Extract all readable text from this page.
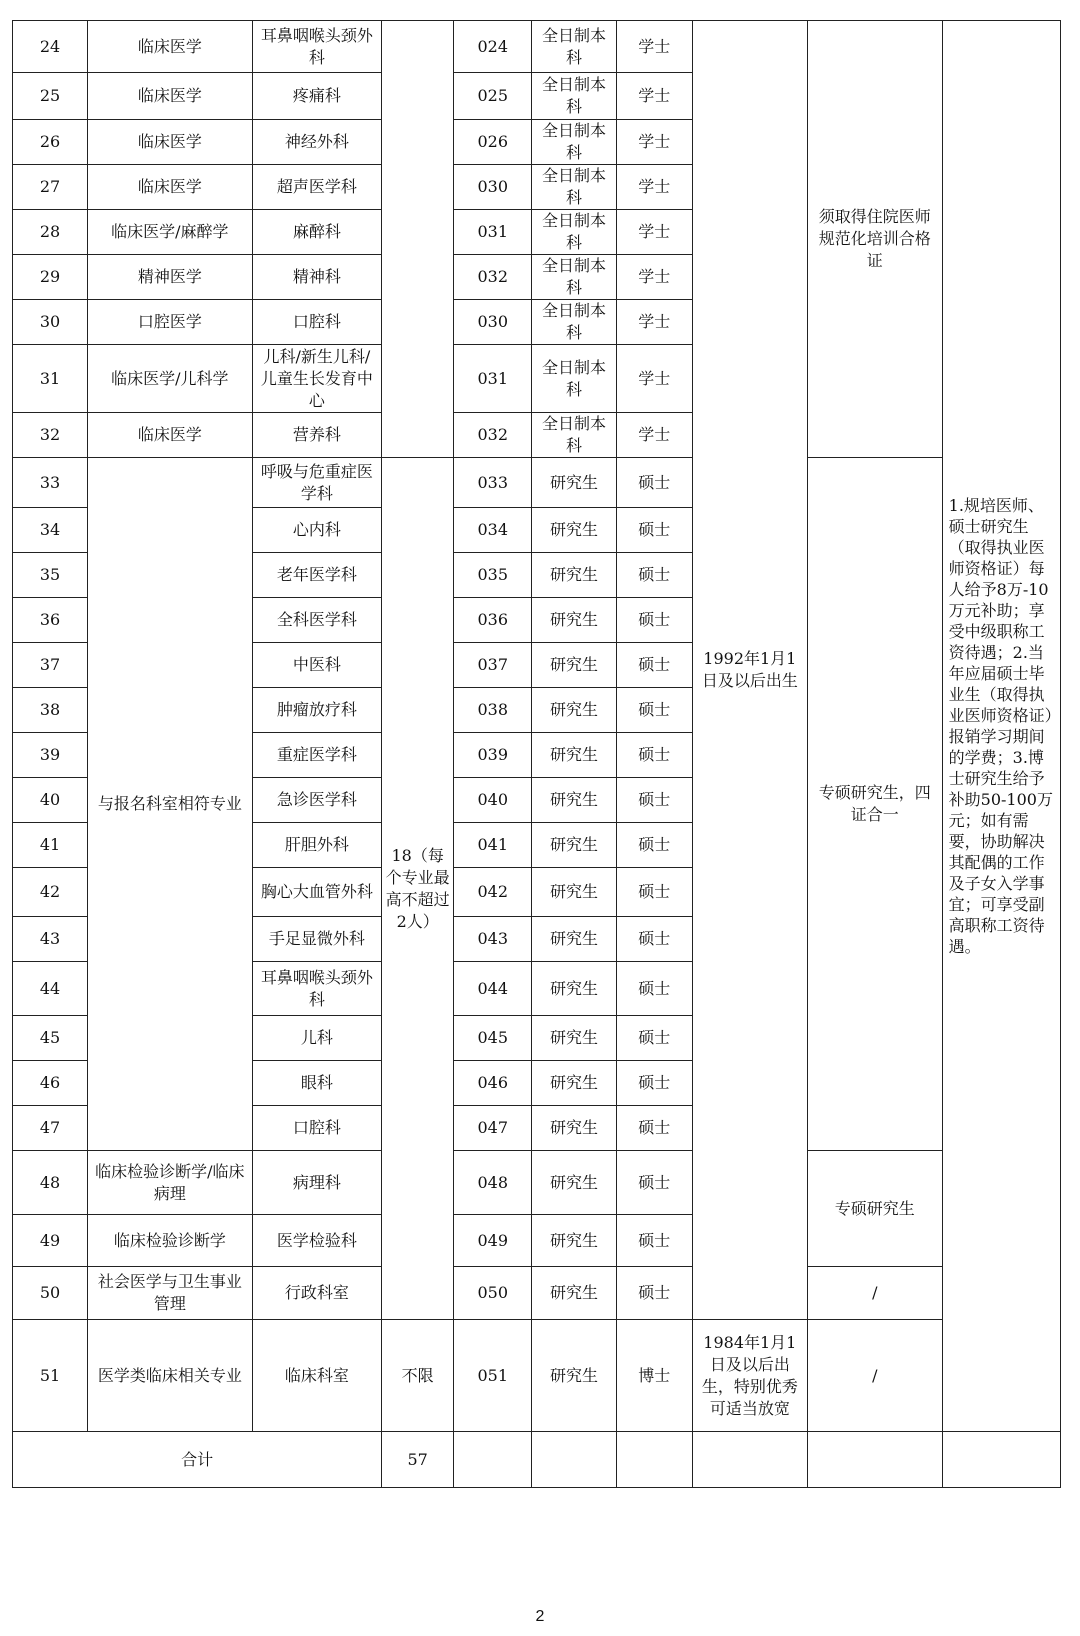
24	临床医学	耳鼻咽喉头颈外科		024	全日制本科	学士	1992年1月1日及以后出生	须取得住院医师规范化培训合格证	1.规培医师、硕士研究生（取得执业医师资格证）每人给予8万-10万元补助；享受中级职称工资待遇；2.当年应届硕士毕业生（取得执业医师资格证）报销学习期间的学费；3.博士研究生给予补助50-100万元；如有需要，协助解决其配偶的工作及子女入学事宜；可享受副高职称工资待遇。	
25	临床医学	疼痛科		025	全日制本科	学士				
26	临床医学	神经外科		026	全日制本科	学士				
27	临床医学	超声医学科		030	全日制本科	学士				
28	临床医学/麻醉学	麻醉科		031	全日制本科	学士				
29	精神医学	精神科		032	全日制本科	学士				
30	口腔医学	口腔科		030	全日制本科	学士				
31	临床医学/儿科学	儿科/新生儿科/儿童生长发育中心		031	全日制本科	学士				
32	临床医学	营养科		032	全日制本科	学士				
33	与报名科室相符专业	呼吸与危重症医学科	18（每个专业最高不超过2人）	033	研究生	硕士		专硕研究生，四证合一		
34		心内科		034	研究生	硕士				
35		老年医学科		035	研究生	硕士				
36		全科医学科		036	研究生	硕士				
37		中医科		037	研究生	硕士				
38		肿瘤放疗科		038	研究生	硕士				
39		重症医学科		039	研究生	硕士				
40		急诊医学科		040	研究生	硕士				
41		肝胆外科		041	研究生	硕士				
42		胸心大血管外科		042	研究生	硕士				
43		手足显微外科		043	研究生	硕士				
44		耳鼻咽喉头颈外科		044	研究生	硕士				
45		儿科		045	研究生	硕士				
46		眼科		046	研究生	硕士				
47		口腔科		047	研究生	硕士				
48	临床检验诊断学/临床病理	病理科		048	研究生	硕士		专硕研究生		
49	临床检验诊断学	医学检验科		049	研究生	硕士				
50	社会医学与卫生事业管理	行政科室		050	研究生	硕士		/		
51	医学类临床相关专业	临床科室	不限	051	研究生	博士	1984年1月1日及以后出生，特别优秀可适当放宽	/		
合计			57							
2
